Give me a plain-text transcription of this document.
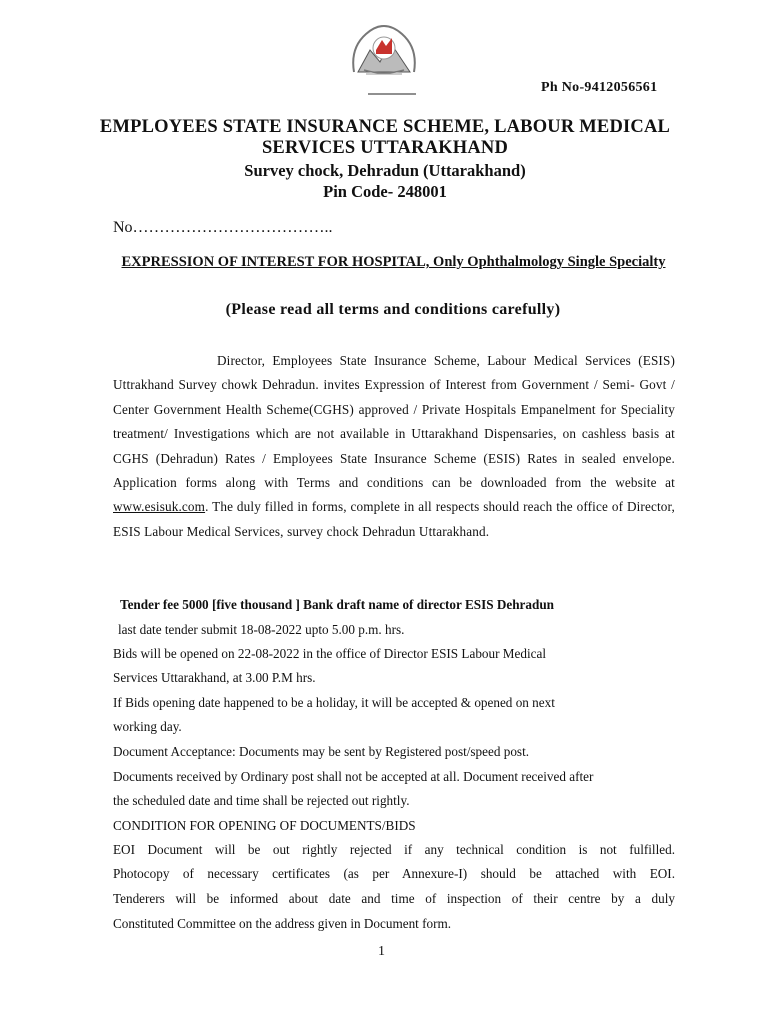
Ph No-9412056561
EMPLOYEES STATE INSURANCE SCHEME, LABOUR MEDICAL
SERVICES UTTARAKHAND
Survey chock, Dehradun (Uttarakhand)
Pin Code- 248001
No………………………………..
EXPRESSION OF INTEREST FOR HOSPITAL, Only Ophthalmology Single Specialty
(Please read all terms and conditions carefully)
Director, Employees State Insurance Scheme, Labour Medical Services (ESIS) Uttrakhand Survey chowk Dehradun. invites Expression of Interest from Government / Semi- Govt / Center Government Health Scheme(CGHS) approved / Private Hospitals Empanelment for Speciality treatment/ Investigations which are not available in Uttarakhand Dispensaries, on cashless basis at CGHS (Dehradun) Rates / Employees State Insurance Scheme (ESIS) Rates in sealed envelope. Application forms along with Terms and conditions can be downloaded from the website at www.esisuk.com. The duly filled in forms, complete in all respects should reach the office of Director, ESIS Labour Medical Services, survey chock Dehradun Uttarakhand.
Tender fee 5000 [five thousand ] Bank draft name of director ESIS Dehradun
last date tender submit 18-08-2022 upto 5.00 p.m. hrs.
Bids will be opened on 22-08-2022 in the office of Director ESIS Labour Medical
Services Uttarakhand, at 3.00 P.M hrs.
If Bids opening date happened to be a holiday, it will be accepted & opened on next
working day.
Document Acceptance: Documents may be sent by Registered post/speed post.
Documents received by Ordinary post shall not be accepted at all. Document received after
the scheduled date and time shall be rejected out rightly.
CONDITION FOR OPENING OF DOCUMENTS/BIDS
EOI Document will be out rightly rejected if any technical condition is not fulfilled.
Photocopy of necessary certificates (as per Annexure-I) should be attached with EOI.
Tenderers will be informed about date and time of inspection of their centre by a duly
Constituted Committee on the address given in Document form.
1
